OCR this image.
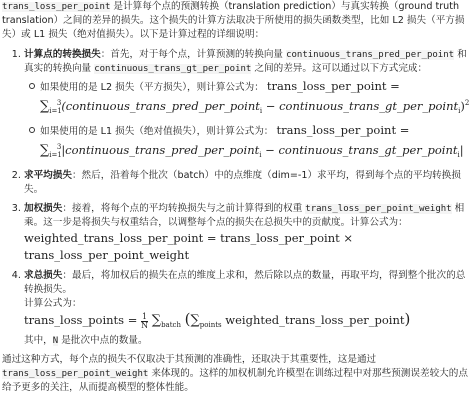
trans_loss_per_point 是计算每个点的预测转换（translation prediction）与真实转换（ground truth translation）之间的差异的损失。这个损失的计算方法取决于所使用的损失函数类型，比如 L2 损失（平方损失）或 L1 损失（绝对值损失）。以下是计算过程的详细说明：

1. 计算点的转换损失：首先，对于每个点，计算预测的转换向量 continuous_trans_pred_per_point 和真实的转换向量 continuous_trans_gt_per_point 之间的差异。这可以通过以下方式完成：
如果使用的是 L2 损失（平方损失），则计算公式为： trans_loss_per_point =
$\sum_{i=1}^3(continuous\_trans\_pred\_per\_point_i$ − continuous_trans_gt_per_point$_i$)$^2$
如果使用的是 L1 损失（绝对值损失），则计算公式为： trans_loss_per_point =
$\sum_{i=1}^3|continuous\_trans\_pred\_per\_point_i$ − continuous_trans_gt_per_point$_i$|
2. 求平均损失：然后，沿着每个批次（batch）中的点维度（dim=-1）求平均，得到每个点的平均转换损失。
3. 加权损失：接着，将每个点的平均转换损失与之前计算得到的权重 trans_loss_per_point_weight 相乘。这一步是将损失与权重结合，以调整每个点的损失在总损失中的贡献度。计算公式为：
weighted_trans_loss_per_point = trans_loss_per_point ×
trans_loss_per_point_weight
4. 求总损失：最后，将加权后的损失在点的维度上求和，然后除以点的数量，再取平均，得到整个批次的总转换损失。
计算公式为：
trans_loss_points = $\frac{1}{N} \sum_{batch}$ ($\sum_{points}$ weighted_trans_loss_per_point)
其中，N 是批次中点的数量。

通过这种方式，每个点的损失不仅取决于其预测的准确性，还取决于其重要性，这是通过trans_loss_per_point_weight 来体现的。这样的加权机制允许模型在训练过程中对那些预测误差较大的点给予更多的关注，从而提高模型的整体性能。
